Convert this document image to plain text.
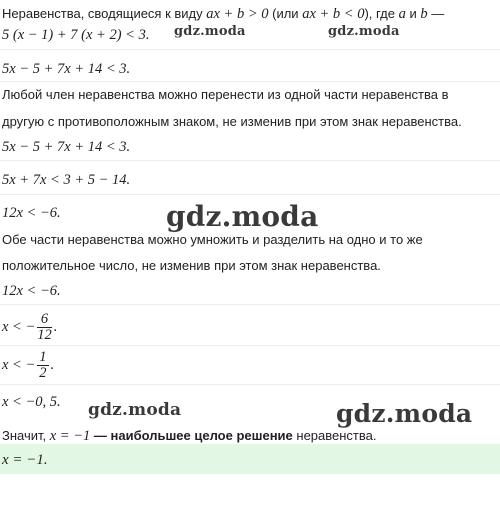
Неравенства, сводящиеся к виду ax + b > 0 (или ax + b < 0), где a и b —
5 (x − 1) + 7 (x + 2) < 3. gdz.moda	gdz.moda
5x − 5 + 7x + 14 < 3.
Любой член неравенства можно перенести из одной части неравенства в
другую с противоположным знаком, не изменив при этом знак неравенства.
5x − 5 + 7x + 14 < 3.
5x + 7x < 3 + 5 − 14.
12x < −6.	gdz.moda
Обе части неравенства можно умножить и разделить на одно и то же
положительное число, не изменив при этом знак неравенства.
12x < −6.
x < − $\frac{6}{12}$ .
x < − $\frac{1}{2}$ .
x < −0, 5. gdz.moda	gdz.moda
Значит, x = −1 — наибольшее целое решение неравенства.
x = −1.
